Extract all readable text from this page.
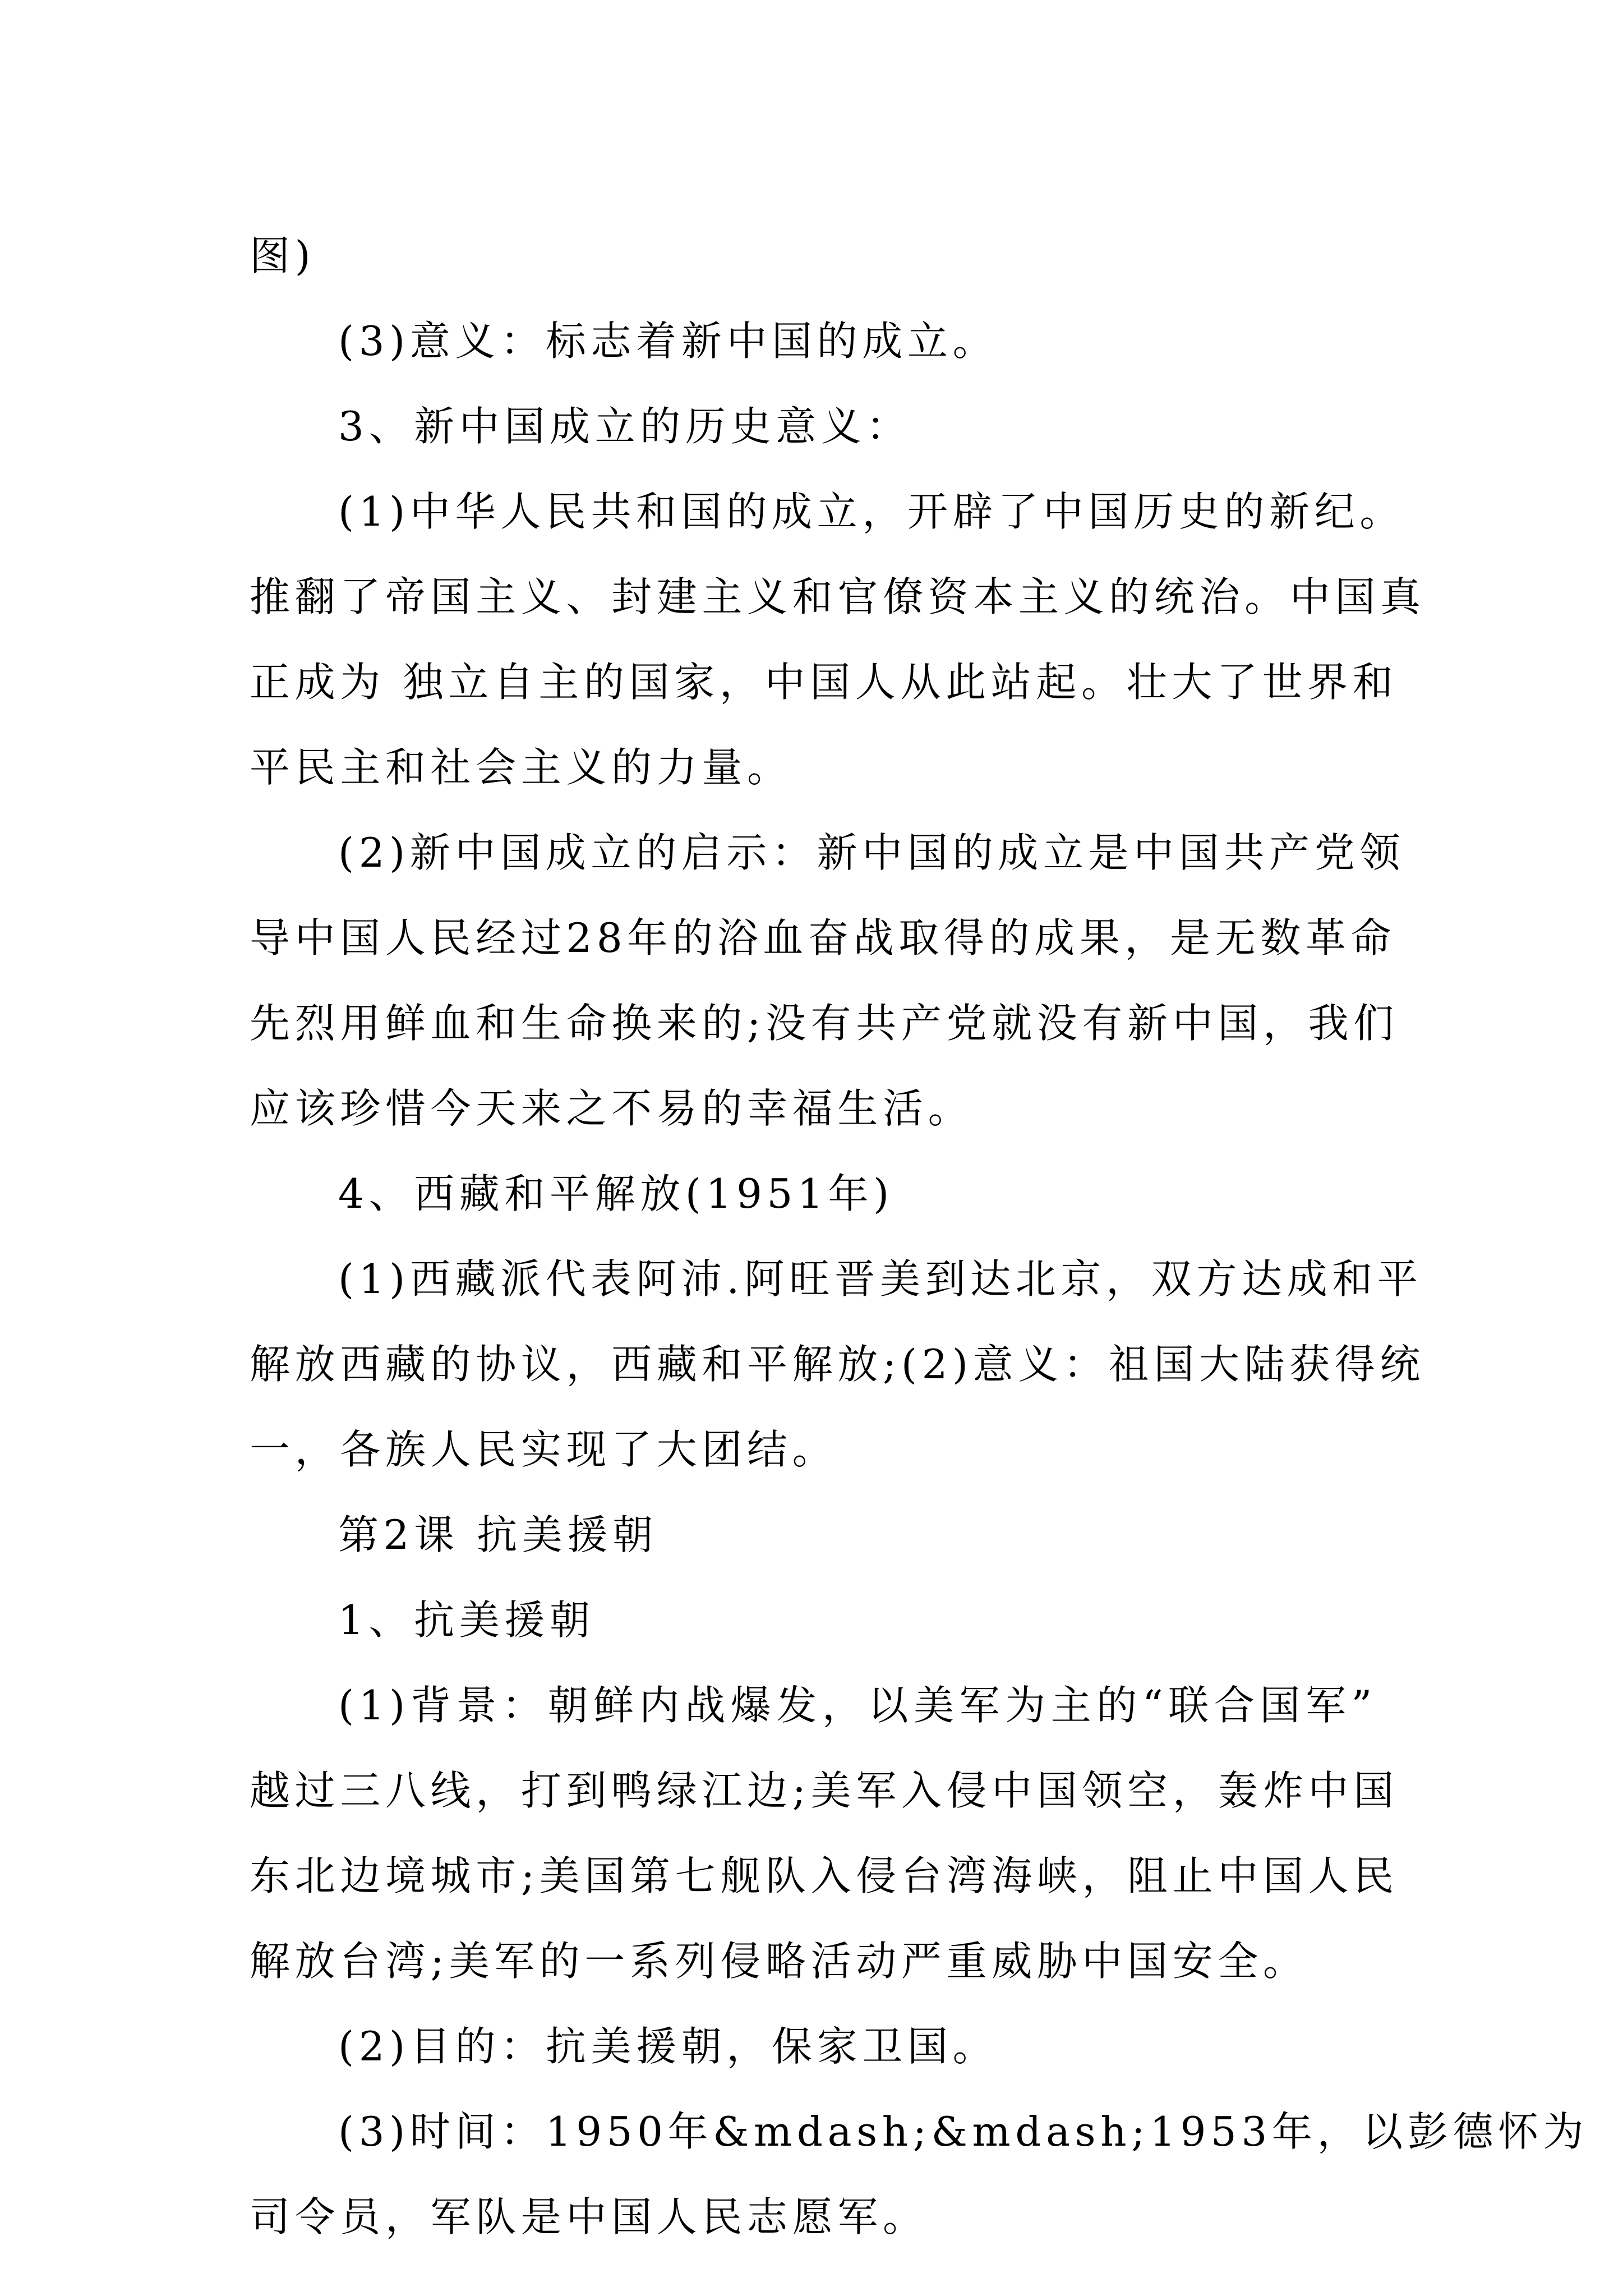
图)

(3)意义：标志着新中国的成立。

3、新中国成立的历史意义：

(1)中华人民共和国的成立，开辟了中国历史的新纪。

推翻了帝国主义、封建主义和官僚资本主义的统治。中国真

正成为 独立自主的国家，中国人从此站起。壮大了世界和

平民主和社会主义的力量。

(2)新中国成立的启示：新中国的成立是中国共产党领

导中国人民经过28年的浴血奋战取得的成果，是无数革命

先烈用鲜血和生命换来的;没有共产党就没有新中国，我们

应该珍惜今天来之不易的幸福生活。

4、西藏和平解放(1951年)

(1)西藏派代表阿沛.阿旺晋美到达北京，双方达成和平

解放西藏的协议，西藏和平解放;(2)意义：祖国大陆获得统

一，各族人民实现了大团结。

第2课 抗美援朝

1、抗美援朝

(1)背景：朝鲜内战爆发，以美军为主的“联合国军”

越过三八线，打到鸭绿江边;美军入侵中国领空，轰炸中国

东北边境城市;美国第七舰队入侵台湾海峡，阻止中国人民

解放台湾;美军的一系列侵略活动严重威胁中国安全。

(2)目的：抗美援朝，保家卫国。

(3)时间：1950年&mdash;&mdash;1953年，以彭德怀为

司令员，军队是中国人民志愿军。
